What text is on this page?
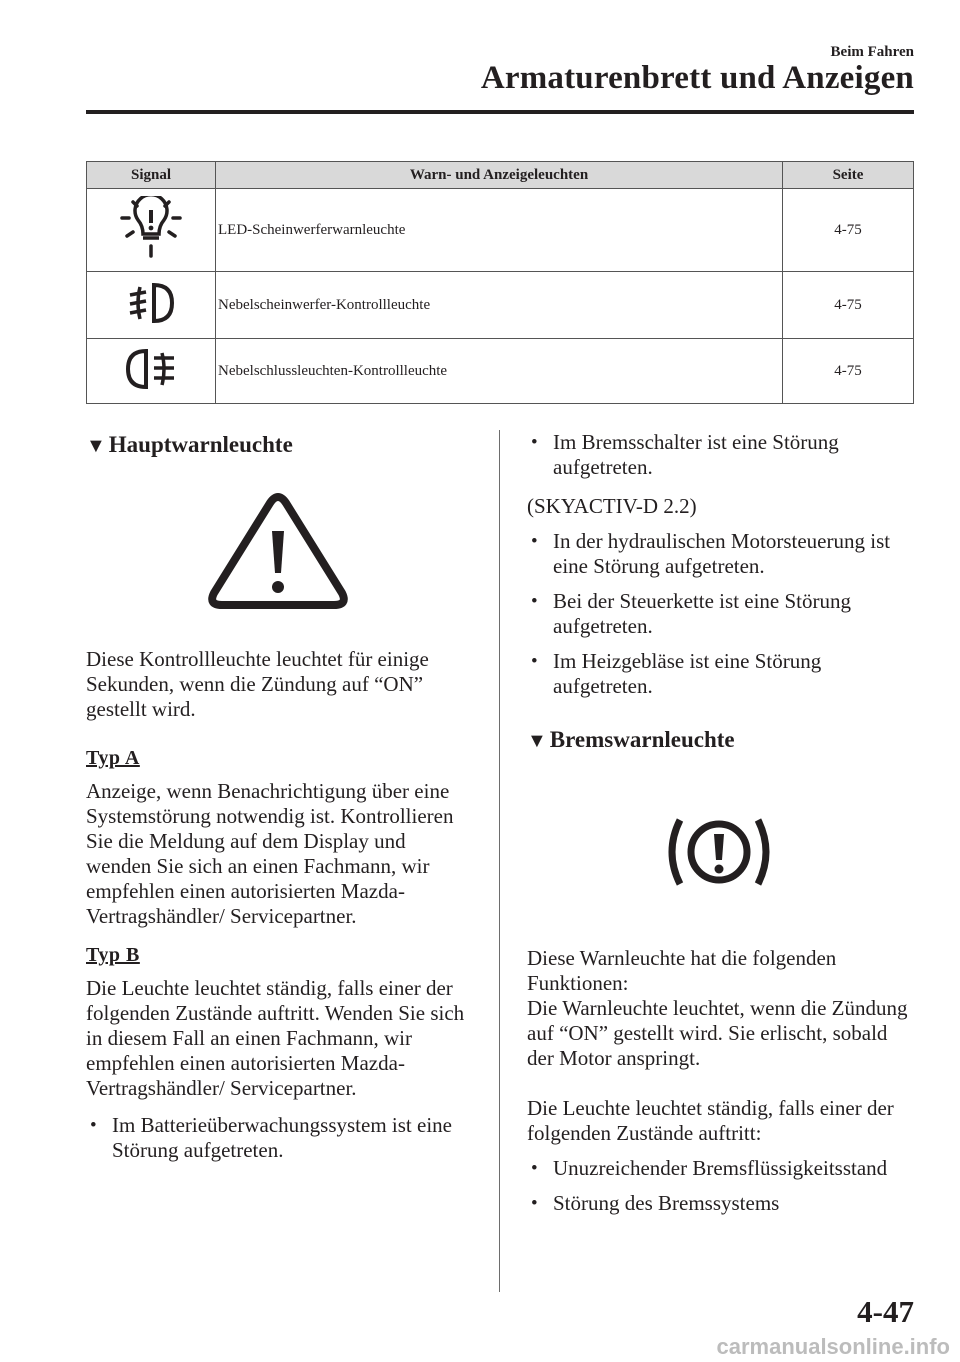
Beim Fahren
Armaturenbrett und Anzeigen
Signal	Warn- und Anzeigeleuchten	Seite
	LED-Scheinwerferwarnleuchte	4-75
	Nebelscheinwerfer-Kontrollleuchte	4-75
	Nebelschlussleuchten-Kontrollleuchte	4-75
▼ Hauptwarnleuchte

Diese Kontrollleuchte leuchtet für einige Sekunden, wenn die Zündung auf “ON” gestellt wird.

Typ A

Anzeige, wenn Benachrichtigung über eine Systemstörung notwendig ist. Kontrollieren Sie die Meldung auf dem Display und wenden Sie sich an einen Fachmann, wir empfehlen einen autorisierten Mazda-Vertragshändler/ Servicepartner.

Typ B

Die Leuchte leuchtet ständig, falls einer der folgenden Zustände auftritt. Wenden Sie sich in diesem Fall an einen Fachmann, wir empfehlen einen autorisierten Mazda-Vertragshändler/ Servicepartner.

• Im Batterieüberwachungssystem ist eine Störung aufgetreten.

• Im Bremsschalter ist eine Störung aufgetreten.

(SKYACTIV-D 2.2)

• In der hydraulischen Motorsteuerung ist eine Störung aufgetreten.

• Bei der Steuerkette ist eine Störung aufgetreten.

• Im Heizgebläse ist eine Störung aufgetreten.

▼ Bremswarnleuchte

Diese Warnleuchte hat die folgenden Funktionen:

Die Warnleuchte leuchtet, wenn die Zündung auf “ON” gestellt wird. Sie erlischt, sobald der Motor anspringt.

Die Leuchte leuchtet ständig, falls einer der folgenden Zustände auftritt:

• Unuzreichender Bremsflüssigkeitsstand

• Störung des Bremssystems

4-47
carmanualsonline.info
